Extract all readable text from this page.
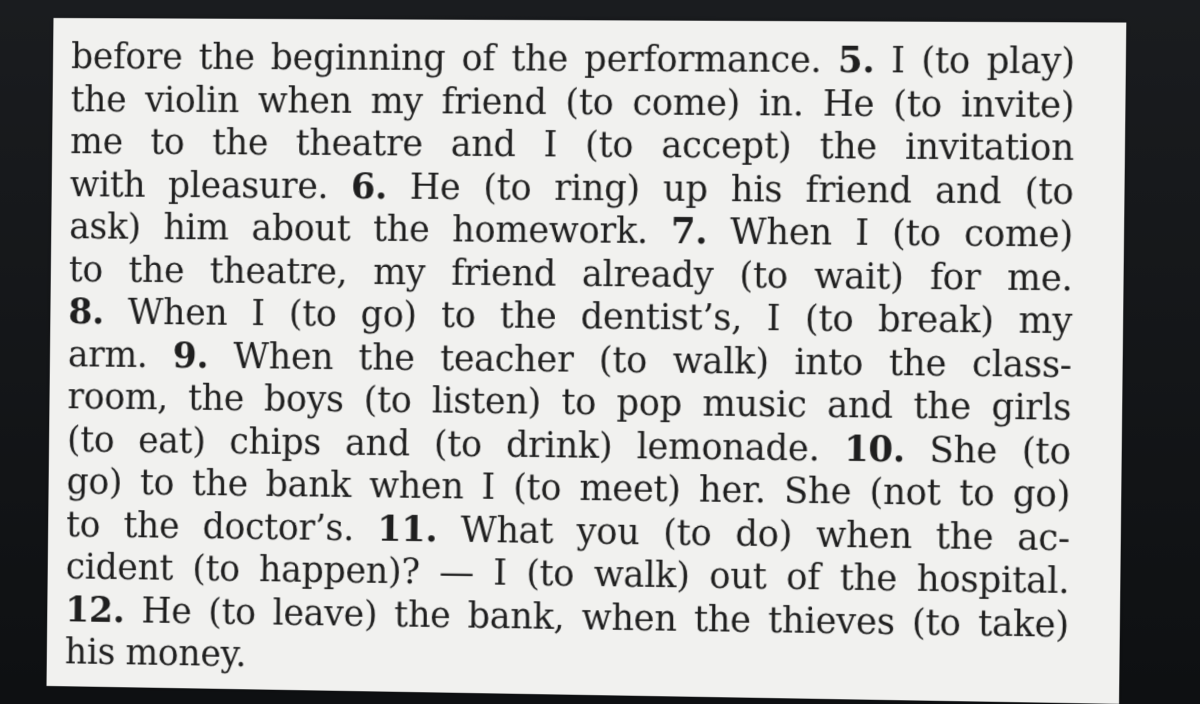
before the beginning of the performance. 5. I (to play)
the violin when my friend (to come) in. He (to invite)
me to the theatre and I (to accept) the invitation
with pleasure. 6. He (to ring) up his friend and (to
ask) him about the homework. 7. When I (to come)
to the theatre, my friend already (to wait) for me.
8. When I (to go) to the dentist’s, I (to break) my
arm. 9. When the teacher (to walk) into the class-
room, the boys (to listen) to pop music and the girls
(to eat) chips and (to drink) lemonade. 10. She (to
go) to the bank when I (to meet) her. She (not to go)
to the doctor’s. 11. What you (to do) when the ac-
cident (to happen)? — I (to walk) out of the hospital.
12. He (to leave) the bank, when the thieves (to take)
his money.
